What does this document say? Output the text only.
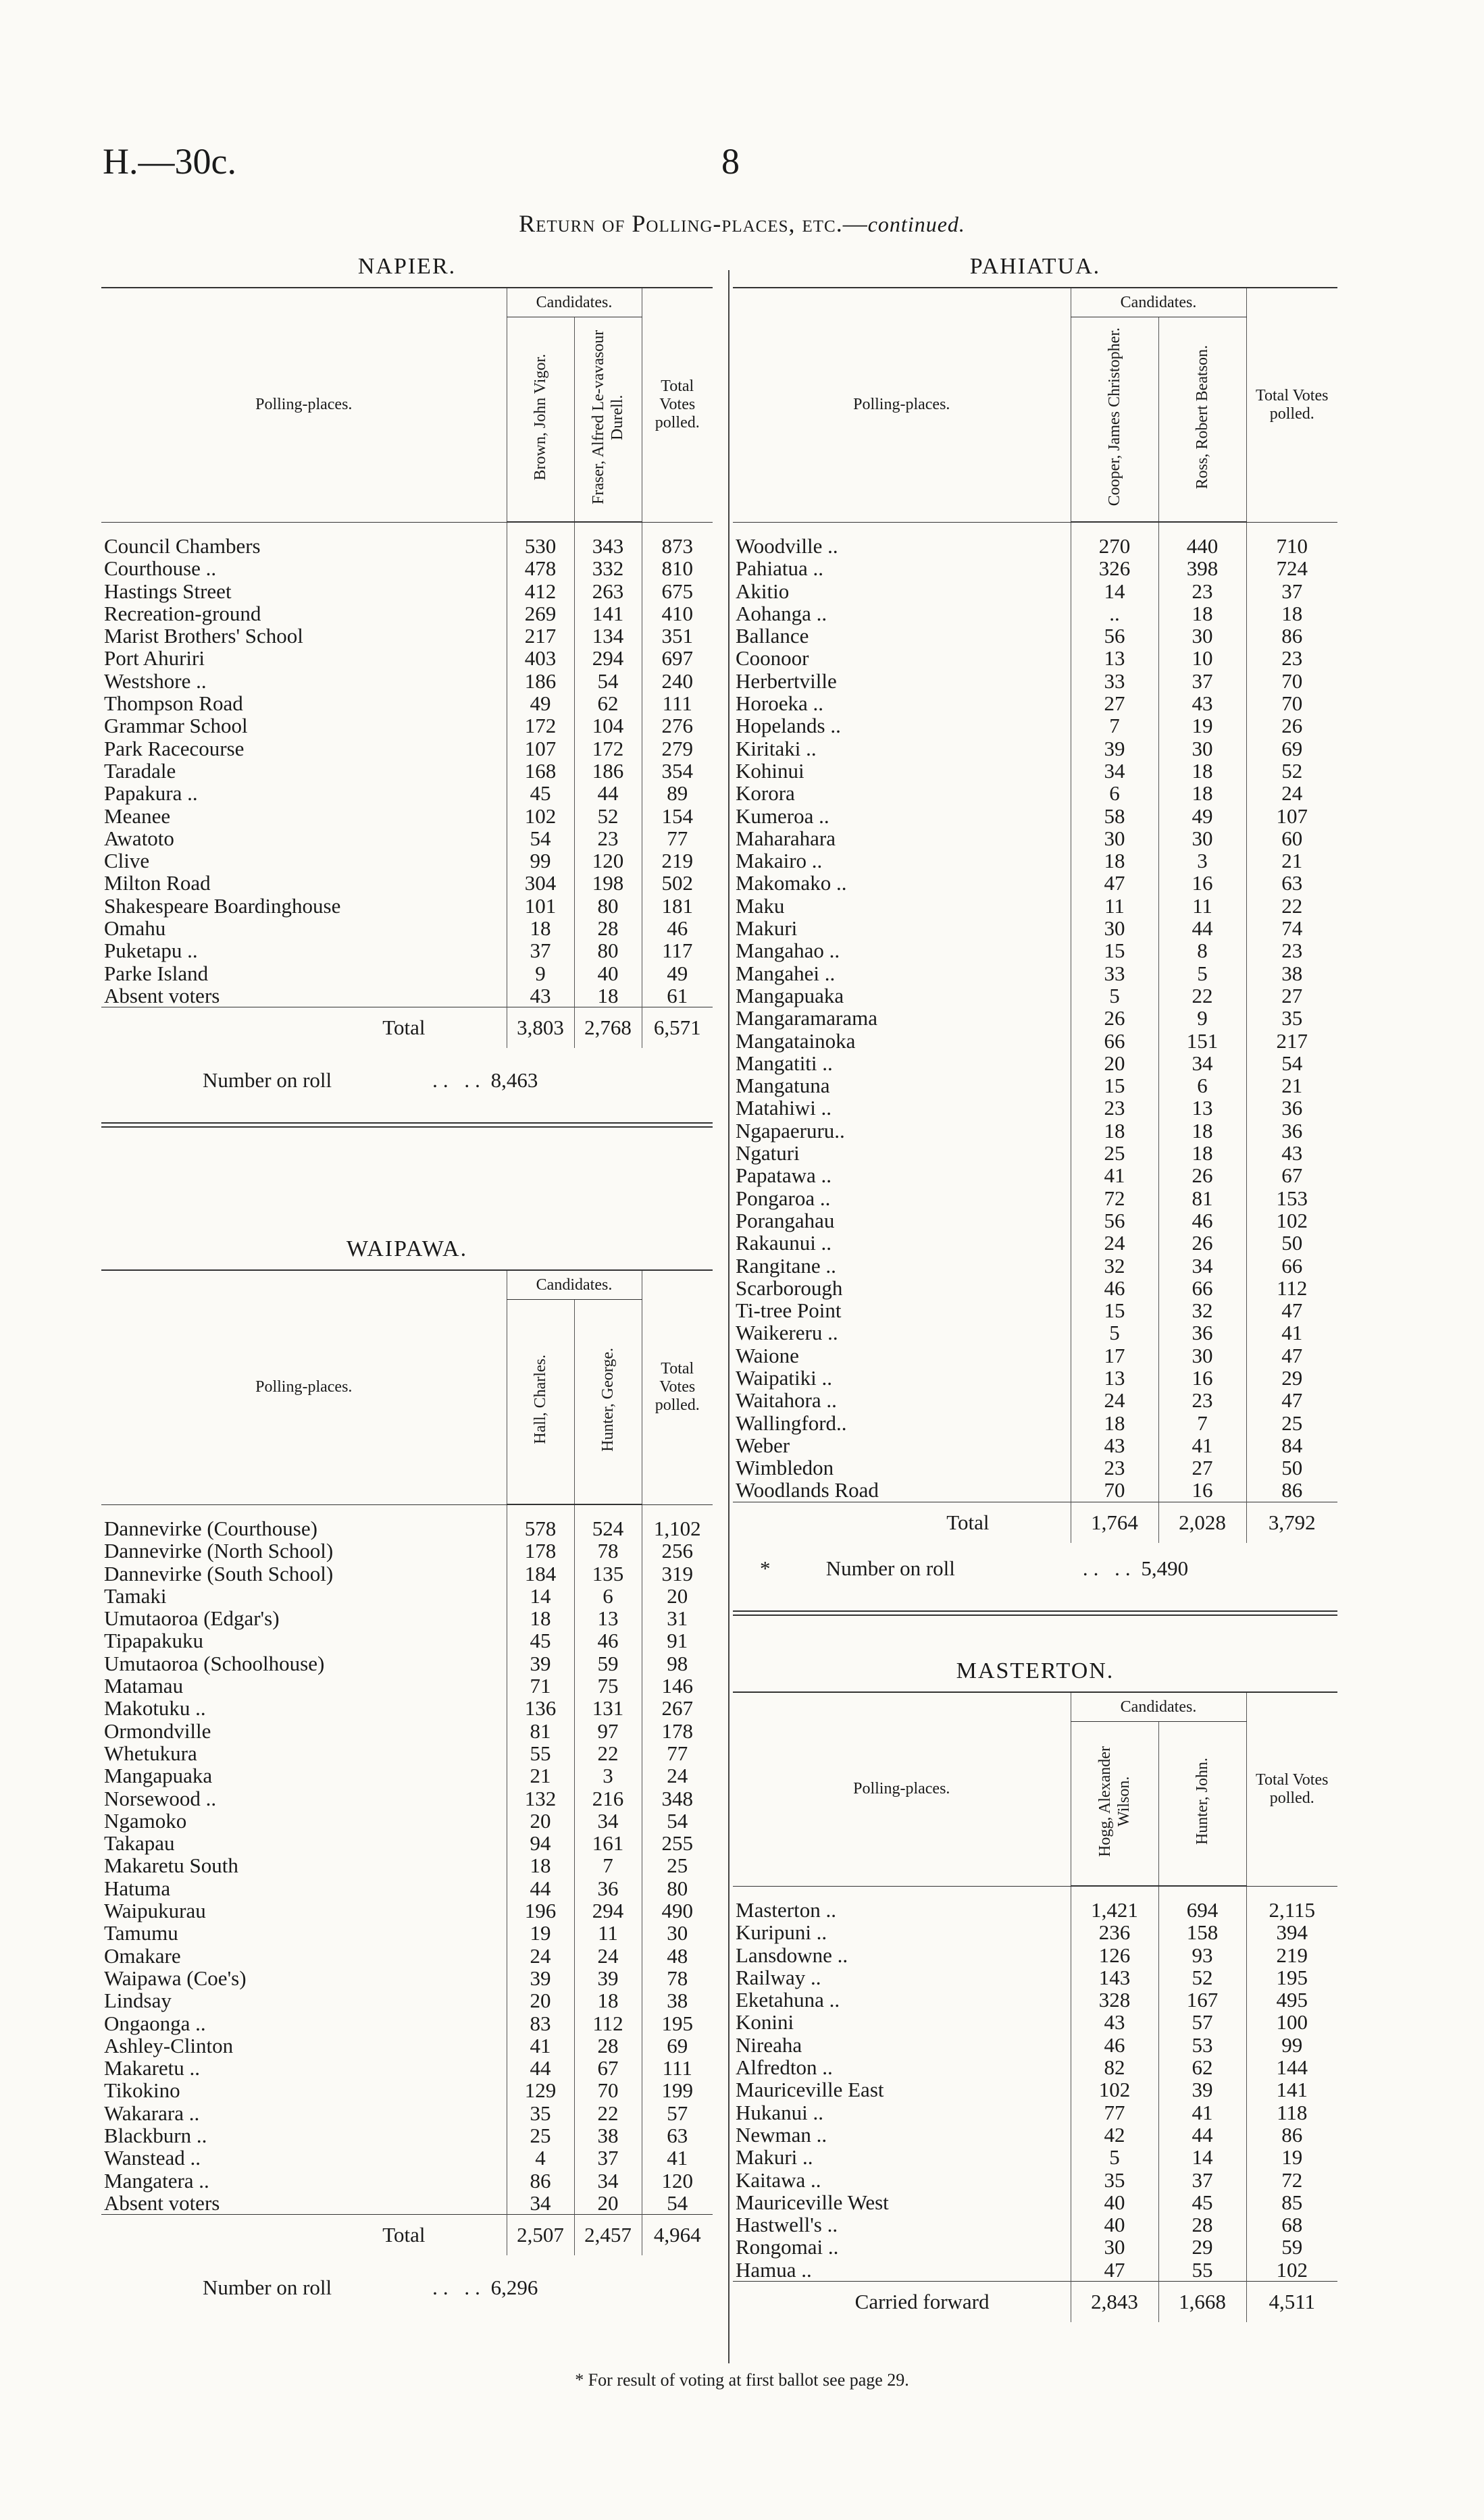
H.—30c.	8
Return of Polling-places, etc.—continued.
NAPIER.
Polling-places.	Candidates.		Total Votes polled.
	Brown, John Vigor.	Fraser, Alfred Le-vavasour Durell.	

Council Chambers	530	343	873
Courthouse ..	478	332	810
Hastings Street	412	263	675
Recreation-ground	269	141	410
Marist Brothers' School	217	134	351
Port Ahuriri	403	294	697
Westshore ..	186	54	240
Thompson Road	49	62	111
Grammar School	172	104	276
Park Racecourse	107	172	279
Taradale	168	186	354
Papakura ..	45	44	89
Meanee	102	52	154
Awatoto	54	23	77
Clive	99	120	219
Milton Road	304	198	502
Shakespeare Boardinghouse	101	80	181
Omahu	18	28	46
Puketapu ..	37	80	117
Parke Island	9	40	49
Absent voters	43	18	61
Total	3,803	2,768	6,571
Number on roll	.. .. 8,463
WAIPAWA.
Polling-places.	Candidates.		Total Votes polled.
	Hall, Charles.	Hunter, George.	

Dannevirke (Courthouse)	578	524	1,102
Dannevirke (North School)	178	78	256
Dannevirke (South School)	184	135	319
Tamaki	14	6	20
Umutaoroa (Edgar's)	18	13	31
Tipapakuku	45	46	91
Umutaoroa (Schoolhouse)	39	59	98
Matamau	71	75	146
Makotuku ..	136	131	267
Ormondville	81	97	178
Whetukura	55	22	77
Mangapuaka	21	3	24
Norsewood ..	132	216	348
Ngamoko	20	34	54
Takapau	94	161	255
Makaretu South	18	7	25
Hatuma	44	36	80
Waipukurau	196	294	490
Tamumu	19	11	30
Omakare	24	24	48
Waipawa (Coe's)	39	39	78
Lindsay	20	18	38
Ongaonga ..	83	112	195
Ashley-Clinton	41	28	69
Makaretu ..	44	67	111
Tikokino	129	70	199
Wakarara ..	35	22	57
Blackburn ..	25	38	63
Wanstead ..	4	37	41
Mangatera ..	86	34	120
Absent voters	34	20	54
Total	2,507	2,457	4,964
Number on roll	.. .. 6,296
PAHIATUA.
Polling-places.	Candidates.		Total Votes polled.
	Cooper, James Christopher.	Ross, Robert Beatson.	

Woodville ..	270	440	710
Pahiatua ..	326	398	724
Akitio	14	23	37
Aohanga ..	..	18	18
Ballance	56	30	86
Coonoor	13	10	23
Herbertville	33	37	70
Horoeka ..	27	43	70
Hopelands ..	7	19	26
Kiritaki ..	39	30	69
Kohinui	34	18	52
Korora	6	18	24
Kumeroa ..	58	49	107
Maharahara	30	30	60
Makairo ..	18	3	21
Makomako ..	47	16	63
Maku	11	11	22
Makuri	30	44	74
Mangahao ..	15	8	23
Mangahei ..	33	5	38
Mangapuaka	5	22	27
Mangaramarama	26	9	35
Mangatainoka	66	151	217
Mangatiti ..	20	34	54
Mangatuna	15	6	21
Matahiwi ..	23	13	36
Ngapaeruru..	18	18	36
Ngaturi	25	18	43
Papatawa ..	41	26	67
Pongaroa ..	72	81	153
Porangahau	56	46	102
Rakaunui ..	24	26	50
Rangitane ..	32	34	66
Scarborough	46	66	112
Ti-tree Point	15	32	47
Waikereru ..	5	36	41
Waione	17	30	47
Waipatiki ..	13	16	29
Waitahora ..	24	23	47
Wallingford..	18	7	25
Weber	43	41	84
Wimbledon	23	27	50
Woodlands Road	70	16	86
Total	1,764	2,028	3,792
*	Number on roll	.. .. 5,490
MASTERTON.
Polling-places.	Candidates.		Total Votes polled.
	Hogg, Alexander Wilson.	Hunter, John.	

Masterton ..	1,421	694	2,115
Kuripuni ..	236	158	394
Lansdowne ..	126	93	219
Railway ..	143	52	195
Eketahuna ..	328	167	495
Konini	43	57	100
Nireaha	46	53	99
Alfredton ..	82	62	144
Mauriceville East	102	39	141
Hukanui ..	77	41	118
Newman ..	42	44	86
Makuri ..	5	14	19
Kaitawa ..	35	37	72
Mauriceville West	40	45	85
Hastwell's ..	40	28	68
Rongomai ..	30	29	59
Hamua ..	47	55	102
Carried forward	2,843	1,668	4,511
* For result of voting at first ballot see page 29.
